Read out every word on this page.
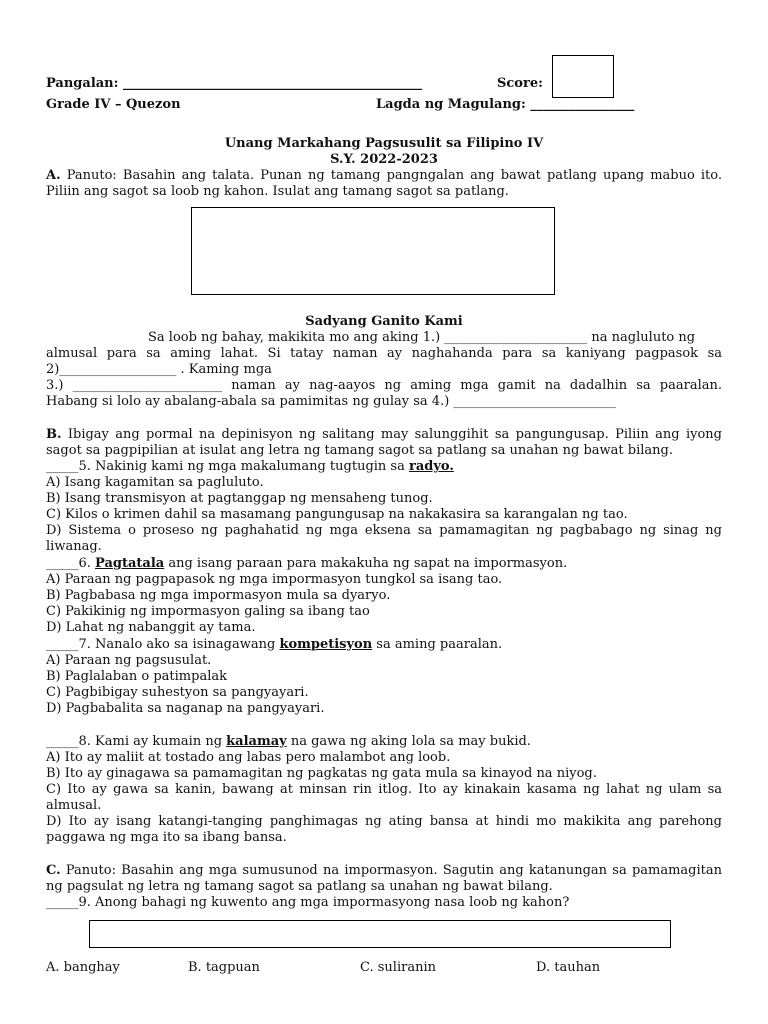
Pangalan: ______________________________________________	Score:
Grade IV – Quezon	Lagda ng Magulang: ________________
Unang Markahang Pagsusulit sa Filipino IV
S.Y. 2022-2023
A. Panuto: Basahin ang talata. Punan ng tamang pangngalan ang bawat patlang upang mabuo ito. Piliin ang sagot sa loob ng kahon. Isulat ang tamang sagot sa patlang.
Sadyang Ganito Kami
Sa loob ng bahay, makikita mo ang aking 1.) ______________________ na nagluluto ng
almusal para sa aming lahat. Si tatay naman ay naghahanda para sa kaniyang pagpasok sa
2)__________________ . Kaming mga
3.) _______________________ naman ay nag-aayos ng aming mga gamit na dadalhin sa paaralan.
Habang si lolo ay abalang-abala sa pamimitas ng gulay sa 4.) _________________________
B. Ibigay ang pormal na depinisyon ng salitang may salunggihit sa pangungusap. Piliin ang iyong sagot sa pagpipilian at isulat ang letra ng tamang sagot sa patlang sa unahan ng bawat bilang.
_____5. Nakinig kami ng mga makalumang tugtugin sa radyo.
A) Isang kagamitan sa pagluluto.
B) Isang transmisyon at pagtanggap ng mensaheng tunog.
C) Kilos o krimen dahil sa masamang pangungusap na nakakasira sa karangalan ng tao.
D) Sistema o proseso ng paghahatid ng mga eksena sa pamamagitan ng pagbabago ng sinag ng liwanag.
_____6. Pagtatala ang isang paraan para makakuha ng sapat na impormasyon.
A) Paraan ng pagpapasok ng mga impormasyon tungkol sa isang tao.
B) Pagbabasa ng mga impormasyon mula sa dyaryo.
C) Pakikinig ng impormasyon galing sa ibang tao
D) Lahat ng nabanggit ay tama.
_____7. Nanalo ako sa isinagawang kompetisyon sa aming paaralan.
A) Paraan ng pagsusulat.
B) Paglalaban o patimpalak
C) Pagbibigay suhestyon sa pangyayari.
D) Pagbabalita sa naganap na pangyayari.
_____8. Kami ay kumain ng kalamay na gawa ng aking lola sa may bukid.
A) Ito ay maliit at tostado ang labas pero malambot ang loob.
B) Ito ay ginagawa sa pamamagitan ng pagkatas ng gata mula sa kinayod na niyog.
C) Ito ay gawa sa kanin, bawang at minsan rin itlog. Ito ay kinakain kasama ng lahat ng ulam sa almusal.
D) Ito ay isang katangi-tanging panghimagas ng ating bansa at hindi mo makikita ang parehong paggawa ng mga ito sa ibang bansa.
C. Panuto: Basahin ang mga sumusunod na impormasyon. Sagutin ang katanungan sa pamamagitan ng pagsulat ng letra ng tamang sagot sa patlang sa unahan ng bawat bilang.
_____9. Anong bahagi ng kuwento ang mga impormasyong nasa loob ng kahon?
A. banghay	B. tagpuan	C. suliranin	D. tauhan
